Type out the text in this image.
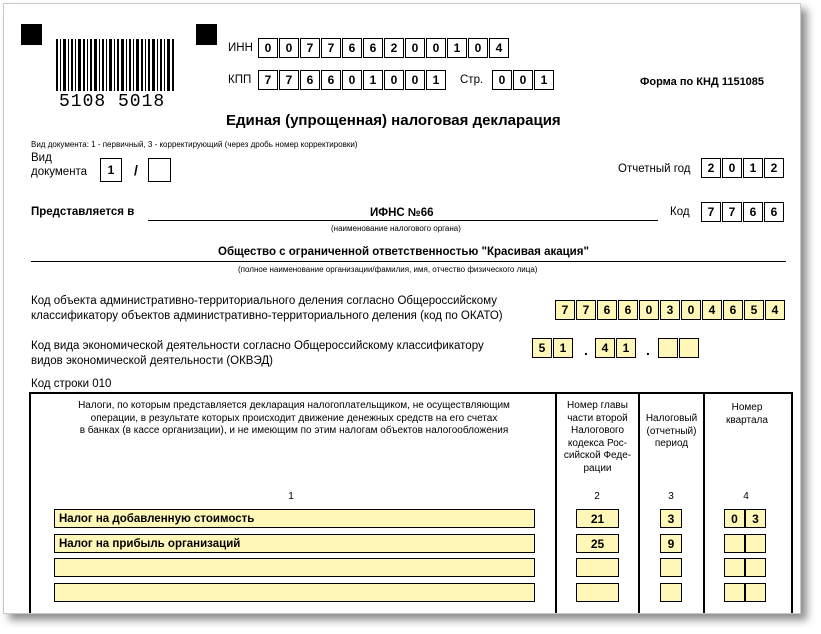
5108 5018
ИНН 0	0	7	7	6	6	2	0	0	1	0	4
КПП	7	7	6	6	0	1	0	0	1	Стр.	0	0	1	Форма по КНД 1151085
Единая (упрощенная) налоговая декларация
Вид документа: 1 - первичный, 3 - корректирующий (через дробь номер корректировки)
Вид
документа	1	/	Отчетный год	2	0	1	2
Представляется в	ИФНС №66
(наименование налогового органа)
Код	7	7	6	6
Общество с ограниченной ответственностью "Красивая акация"
(полное наименование организации/фамилия, имя, отчество физического лица)
Код объекта административно-территориального деления согласно Общероссийскому
классификатору объектов административно-территориального деления (код по ОКАТО)	7	7	6	6	0	3	0	4	6	5	4
Код вида экономической деятельности согласно Общероссийскому классификатору
видов экономической деятельности (ОКВЭД)
5	1	.	4	1	.
Код строки 010
Налоги, по которым представляется декларация налогоплательщиком, не осуществляющим
операции, в результате которых происходит движение денежных средств на его счетах
в банках (в кассе организации), и не имеющим по этим налогам объектов налогообложения
Номер главы
части второй
Налогового
кодекса Рос-
сийской Феде-
рации
Налоговый
(отчетный)
период
Номер
квартала
1	2	3	4
Налог на добавленную стоимость	21	3	0	3
Налог на прибыль организаций	25	9
